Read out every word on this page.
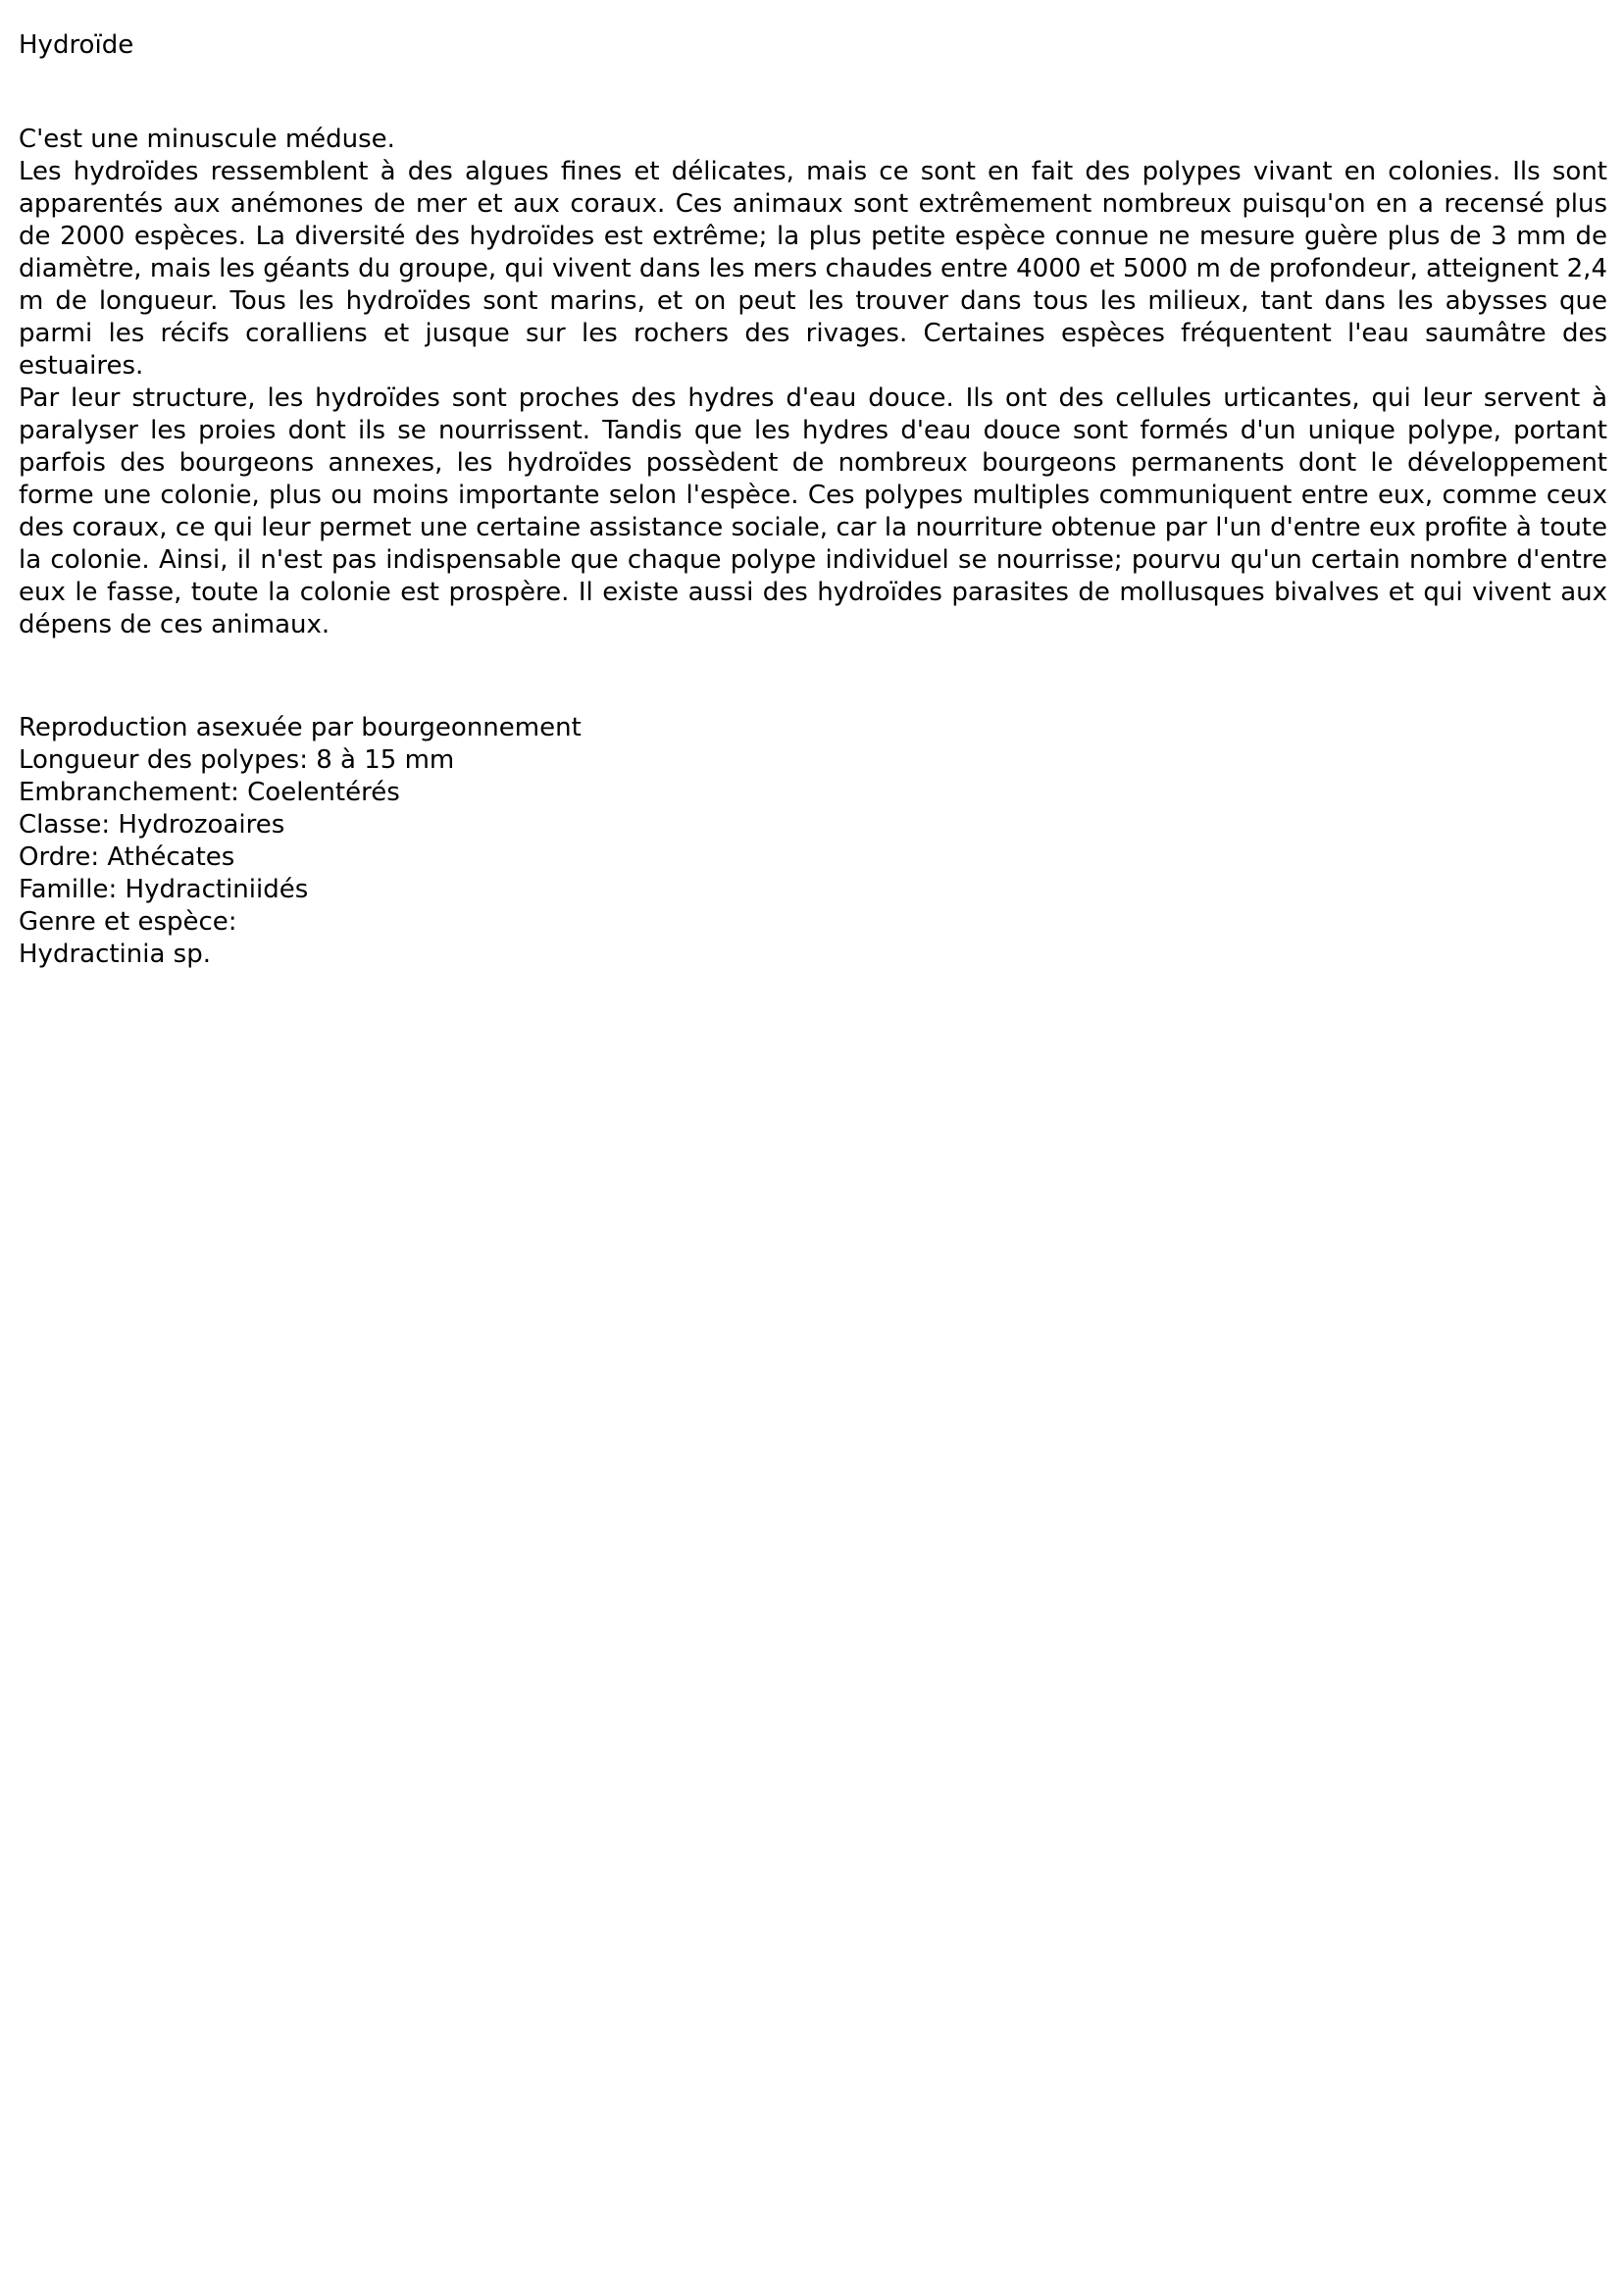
Hydroïde

C'est une minuscule méduse.

Les hydroïdes ressemblent à des algues fines et délicates, mais ce sont en fait des polypes vivant en colonies. Ils sont apparentés aux anémones de mer et aux coraux. Ces animaux sont extrêmement nombreux puisqu'on en a recensé plus de 2000 espèces. La diversité des hydroïdes est extrême; la plus petite espèce connue ne mesure guère plus de 3 mm de diamètre, mais les géants du groupe, qui vivent dans les mers chaudes entre 4000 et 5000 m de profondeur, atteignent 2,4 m de longueur. Tous les hydroïdes sont marins, et on peut les trouver dans tous les milieux, tant dans les abysses que parmi les récifs coralliens et jusque sur les rochers des rivages. Certaines espèces fréquentent l'eau saumâtre des estuaires.

Par leur structure, les hydroïdes sont proches des hydres d'eau douce. Ils ont des cellules urticantes, qui leur servent à paralyser les proies dont ils se nourrissent. Tandis que les hydres d'eau douce sont formés d'un unique polype, portant parfois des bourgeons annexes, les hydroïdes possèdent de nombreux bourgeons permanents dont le développement forme une colonie, plus ou moins importante selon l'espèce. Ces polypes multiples communiquent entre eux, comme ceux des coraux, ce qui leur permet une certaine assistance sociale, car la nourriture obtenue par l'un d'entre eux profite à toute la colonie. Ainsi, il n'est pas indispensable que chaque polype individuel se nourrisse; pourvu qu'un certain nombre d'entre eux le fasse, toute la colonie est prospère. Il existe aussi des hydroïdes parasites de mollusques bivalves et qui vivent aux dépens de ces animaux.

Reproduction asexuée par bourgeonnement
Longueur des polypes: 8 à 15 mm
Embranchement: Coelentérés
Classe: Hydrozoaires
Ordre: Athécates
Famille: Hydractiniidés
Genre et espèce:
Hydractinia sp.
